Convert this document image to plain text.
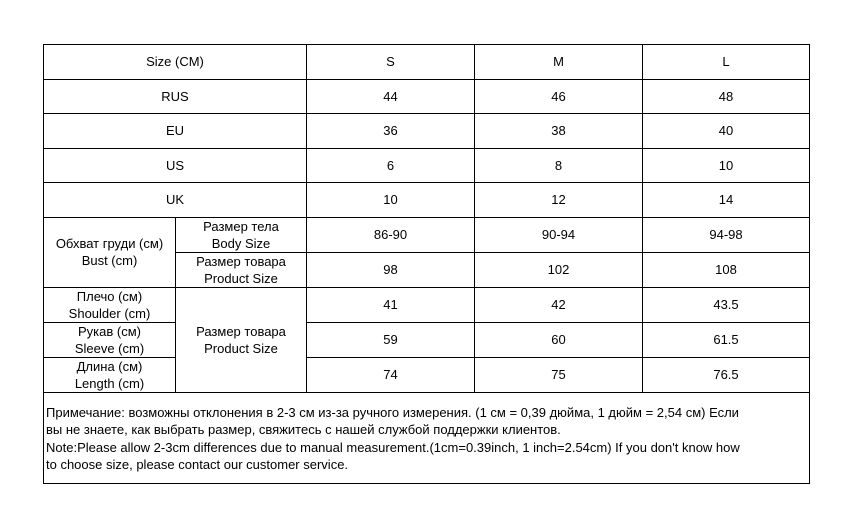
Size (CM)		S	M	L
RUS		44	46	48
EU		36	38	40
US		6	8	10
UK		10	12	14

Обхват груди (см)
Bust (cm)	Размер тела
Body Size	86-90	90-94	94-98

	Размер товара
Product Size	98	102	108

Плечо (см)
Shoulder (cm)	Размер товара
Product Size	41	42	43.5

Рукав (см)
Sleeve (cm)		59	60	61.5

Длина (см)
Length (cm)		74	75	76.5

Примечание: возможны отклонения в 2-3 см из-за ручного измерения. (1 см = 0,39 дюйма, 1 дюйм = 2,54 см) Если
вы не знаете, как выбрать размер, свяжитесь с нашей службой поддержки клиентов.
Note:Please allow 2-3cm differences due to manual measurement.(1cm=0.39inch, 1 inch=2.54cm) If you don't know how
to choose size, please contact our customer service.				
